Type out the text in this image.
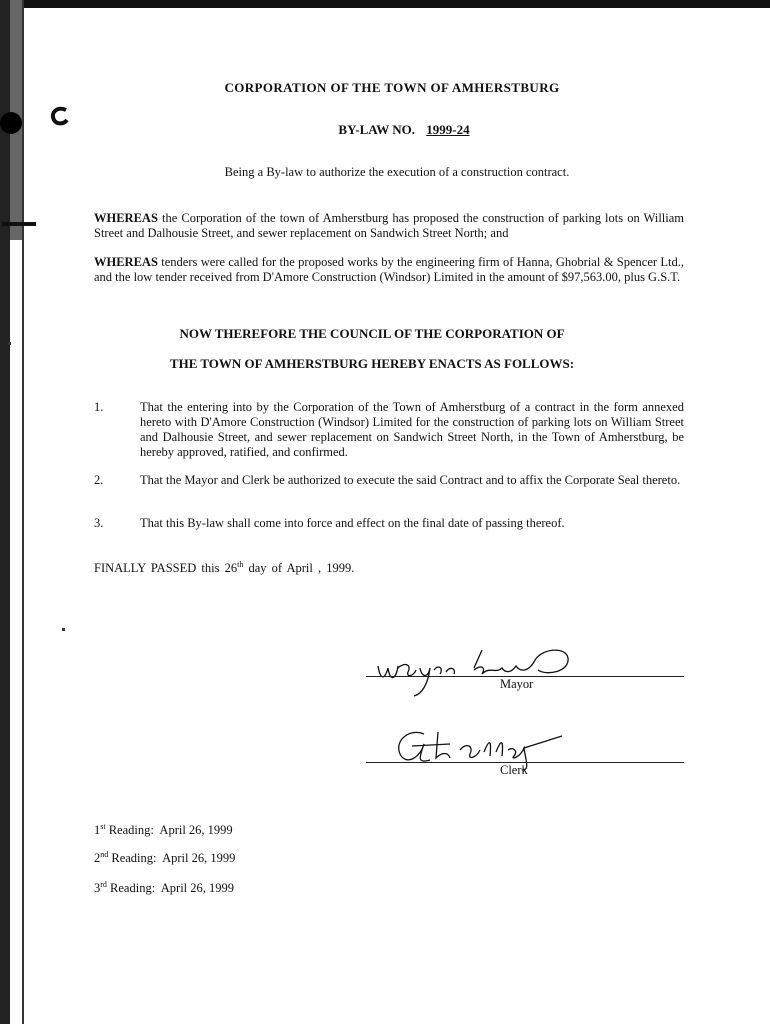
CORPORATION OF THE TOWN OF AMHERSTBURG
BY-LAW NO. 1999-24
Being a By-law to authorize the execution of a construction contract.
WHEREAS the Corporation of the town of Amherstburg has proposed the construction of parking lots on William Street and Dalhousie Street, and sewer replacement on Sandwich Street North; and
WHEREAS tenders were called for the proposed works by the engineering firm of Hanna, Ghobrial & Spencer Ltd., and the low tender received from D'Amore Construction (Windsor) Limited in the amount of $97,563.00, plus G.S.T.
NOW THEREFORE THE COUNCIL OF THE CORPORATION OF
THE TOWN OF AMHERSTBURG HEREBY ENACTS AS FOLLOWS:
1.	That the entering into by the Corporation of the Town of Amherstburg of a contract in the form annexed hereto with D'Amore Construction (Windsor) Limited for the construction of parking lots on William Street and Dalhousie Street, and sewer replacement on Sandwich Street North, in the Town of Amherstburg, be hereby approved, ratified, and confirmed.
2.	That the Mayor and Clerk be authorized to execute the said Contract and to affix the Corporate Seal thereto.
3.	That this By-law shall come into force and effect on the final date of passing thereof.
FINALLY PASSED this 26th day of April , 1999.
Mayor
Clerk
1st Reading: April 26, 1999
2nd Reading: April 26, 1999
3rd Reading: April 26, 1999
